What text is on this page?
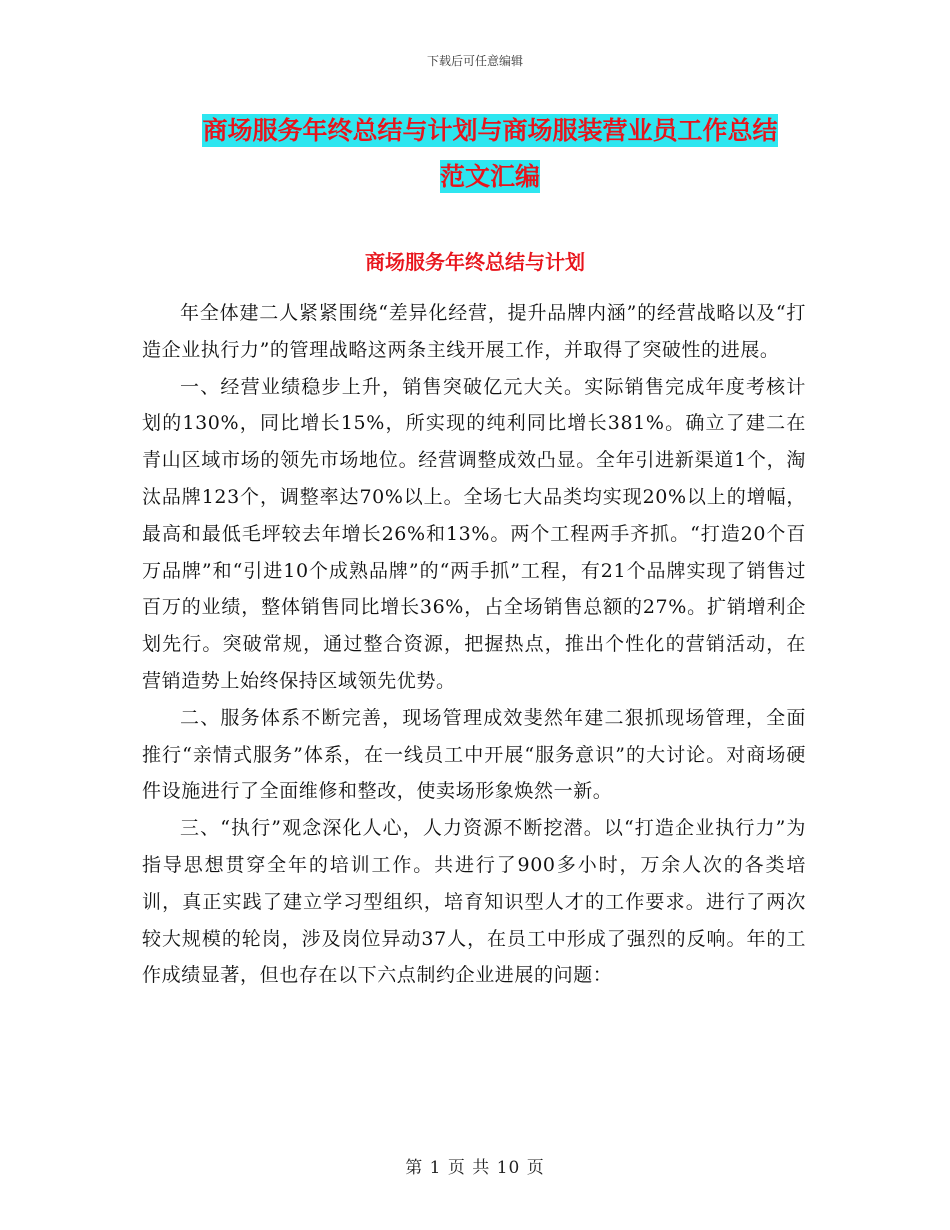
下载后可任意编辑
商场服务年终总结与计划与商场服装营业员工作总结
范文汇编
商场服务年终总结与计划

年全体建二人紧紧围绕“差异化经营，提升品牌内涵”的经营战略以及“打造企业执行力”的管理战略这两条主线开展工作，并取得了突破性的进展。

一、经营业绩稳步上升，销售突破亿元大关。实际销售完成年度考核计划的130%，同比增长15%，所实现的纯利同比增长381%。确立了建二在青山区域市场的领先市场地位。经营调整成效凸显。全年引进新渠道1个，淘汰品牌123个，调整率达70%以上。全场七大品类均实现20%以上的增幅，最高和最低毛坪较去年增长26%和13%。两个工程两手齐抓。“打造20个百万品牌”和“引进10个成熟品牌”的“两手抓”工程，有21个品牌实现了销售过百万的业绩，整体销售同比增长36%，占全场销售总额的27%。扩销增利企划先行。突破常规，通过整合资源，把握热点，推出个性化的营销活动，在营销造势上始终保持区域领先优势。

二、服务体系不断完善，现场管理成效斐然年建二狠抓现场管理，全面推行“亲情式服务”体系，在一线员工中开展“服务意识”的大讨论。对商场硬件设施进行了全面维修和整改，使卖场形象焕然一新。

三、“执行”观念深化人心，人力资源不断挖潜。以“打造企业执行力”为指导思想贯穿全年的培训工作。共进行了900多小时，万余人次的各类培训，真正实践了建立学习型组织，培育知识型人才的工作要求。进行了两次较大规模的轮岗，涉及岗位异动37人，在员工中形成了强烈的反响。年的工作成绩显著，但也存在以下六点制约企业进展的问题：

第 1 页 共 10 页
